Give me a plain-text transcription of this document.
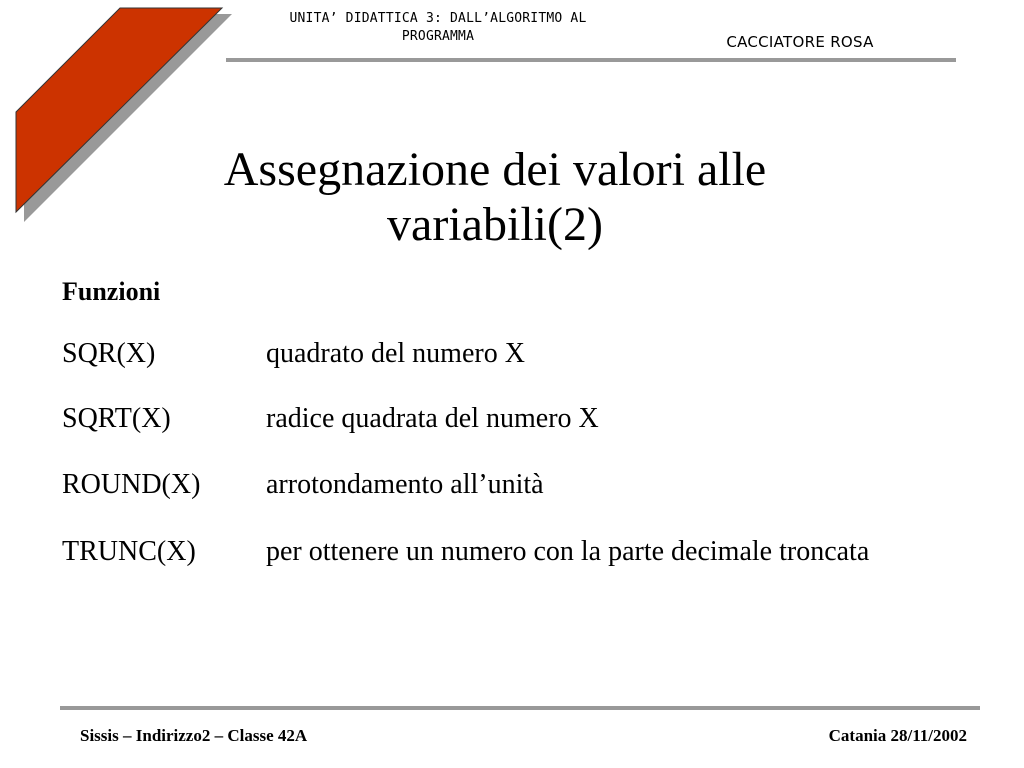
UNITA’ DIDATTICA 3: DALL’ALGORITMO AL
PROGRAMMA	CACCIATORE ROSA
Assegnazione dei valori alle
variabili(2)
Funzioni
SQR(X)	quadrato del numero X
SQRT(X)	radice quadrata del numero X
ROUND(X) arrotondamento all’unità
TRUNC(X)	per ottenere un numero con la parte decimale troncata
Sissis – Indirizzo2 – Classe 42A	Catania 28/11/2002
